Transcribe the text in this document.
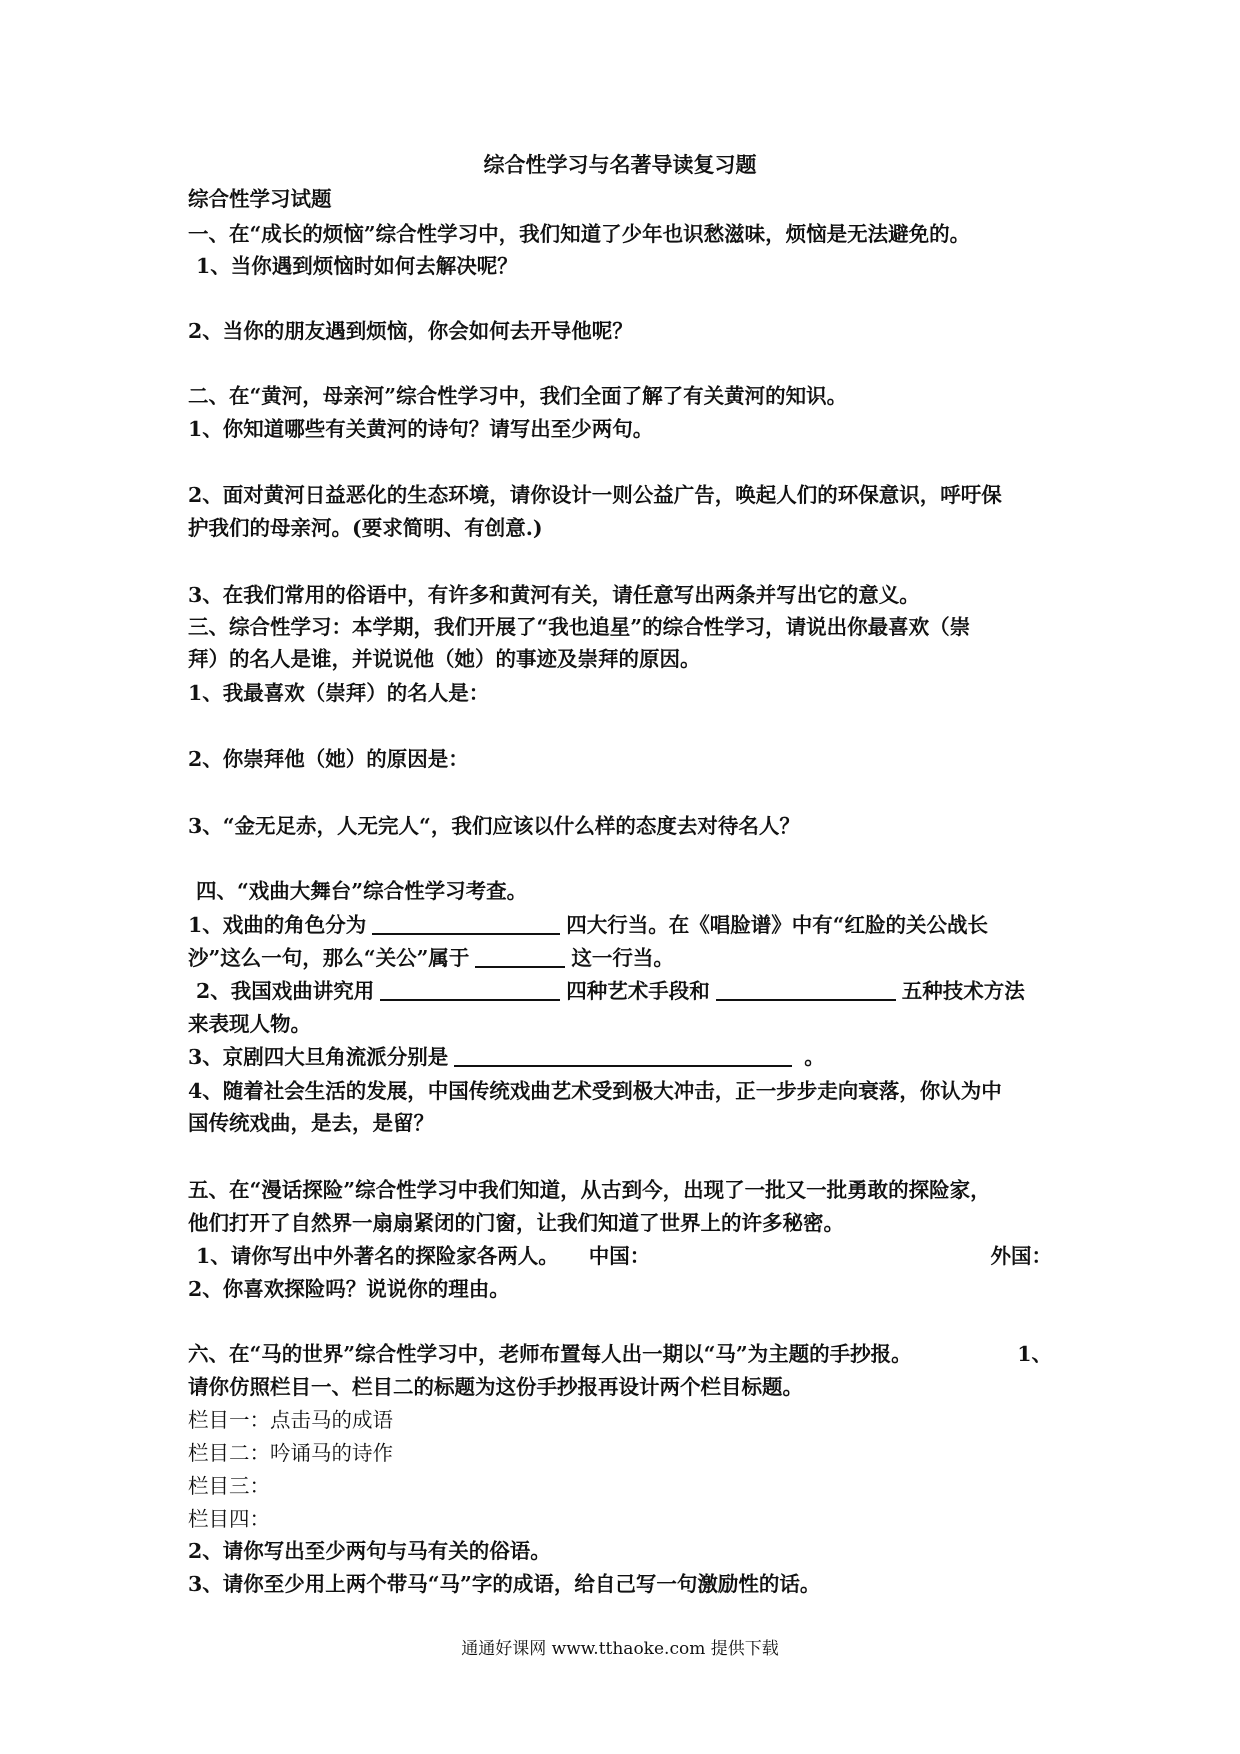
综合性学习与名著导读复习题
综合性学习试题
一、在“成长的烦恼”综合性学习中，我们知道了少年也识愁滋味，烦恼是无法避免的。
1、当你遇到烦恼时如何去解决呢？
2、当你的朋友遇到烦恼，你会如何去开导他呢？
二、在“黄河，母亲河”综合性学习中，我们全面了解了有关黄河的知识。
1、你知道哪些有关黄河的诗句？请写出至少两句。
2、面对黄河日益恶化的生态环境，请你设计一则公益广告，唤起人们的环保意识，呼吁保
护我们的母亲河。(要求简明、有创意.)
3、在我们常用的俗语中，有许多和黄河有关，请任意写出两条并写出它的意义。
三、综合性学习：本学期，我们开展了“我也追星”的综合性学习，请说出你最喜欢（崇
拜）的名人是谁，并说说他（她）的事迹及崇拜的原因。
1、我最喜欢（崇拜）的名人是：
2、你崇拜他（她）的原因是：
3、“金无足赤，人无完人“，我们应该以什么样的态度去对待名人？
四、“戏曲大舞台”综合性学习考查。
1、戏曲的角色分为	四大行当。在《唱脸谱》中有“红脸的关公战长
沙”这么一句，那么“关公”属于	这一行当。
2、我国戏曲讲究用	四种艺术手段和	五种技术方法
来表现人物。
3、京剧四大旦角流派分别是	。
4、随着社会生活的发展，中国传统戏曲艺术受到极大冲击，正一步步走向衰落，你认为中
国传统戏曲，是去，是留？
五、在“漫话探险”综合性学习中我们知道，从古到今，出现了一批又一批勇敢的探险家，
他们打开了自然界一扇扇紧闭的门窗，让我们知道了世界上的许多秘密。
1、请你写出中外著名的探险家各两人。 中国：	外国：
2、你喜欢探险吗？说说你的理由。
六、在“马的世界”综合性学习中，老师布置每人出一期以“马”为主题的手抄报。	1、
请你仿照栏目一、栏目二的标题为这份手抄报再设计两个栏目标题。
栏目一：点击马的成语
栏目二：吟诵马的诗作
栏目三：
栏目四：
2、请你写出至少两句与马有关的俗语。
3、请你至少用上两个带马“马”字的成语，给自己写一句激励性的话。
通通好课网 www.tthaoke.com 提供下载
